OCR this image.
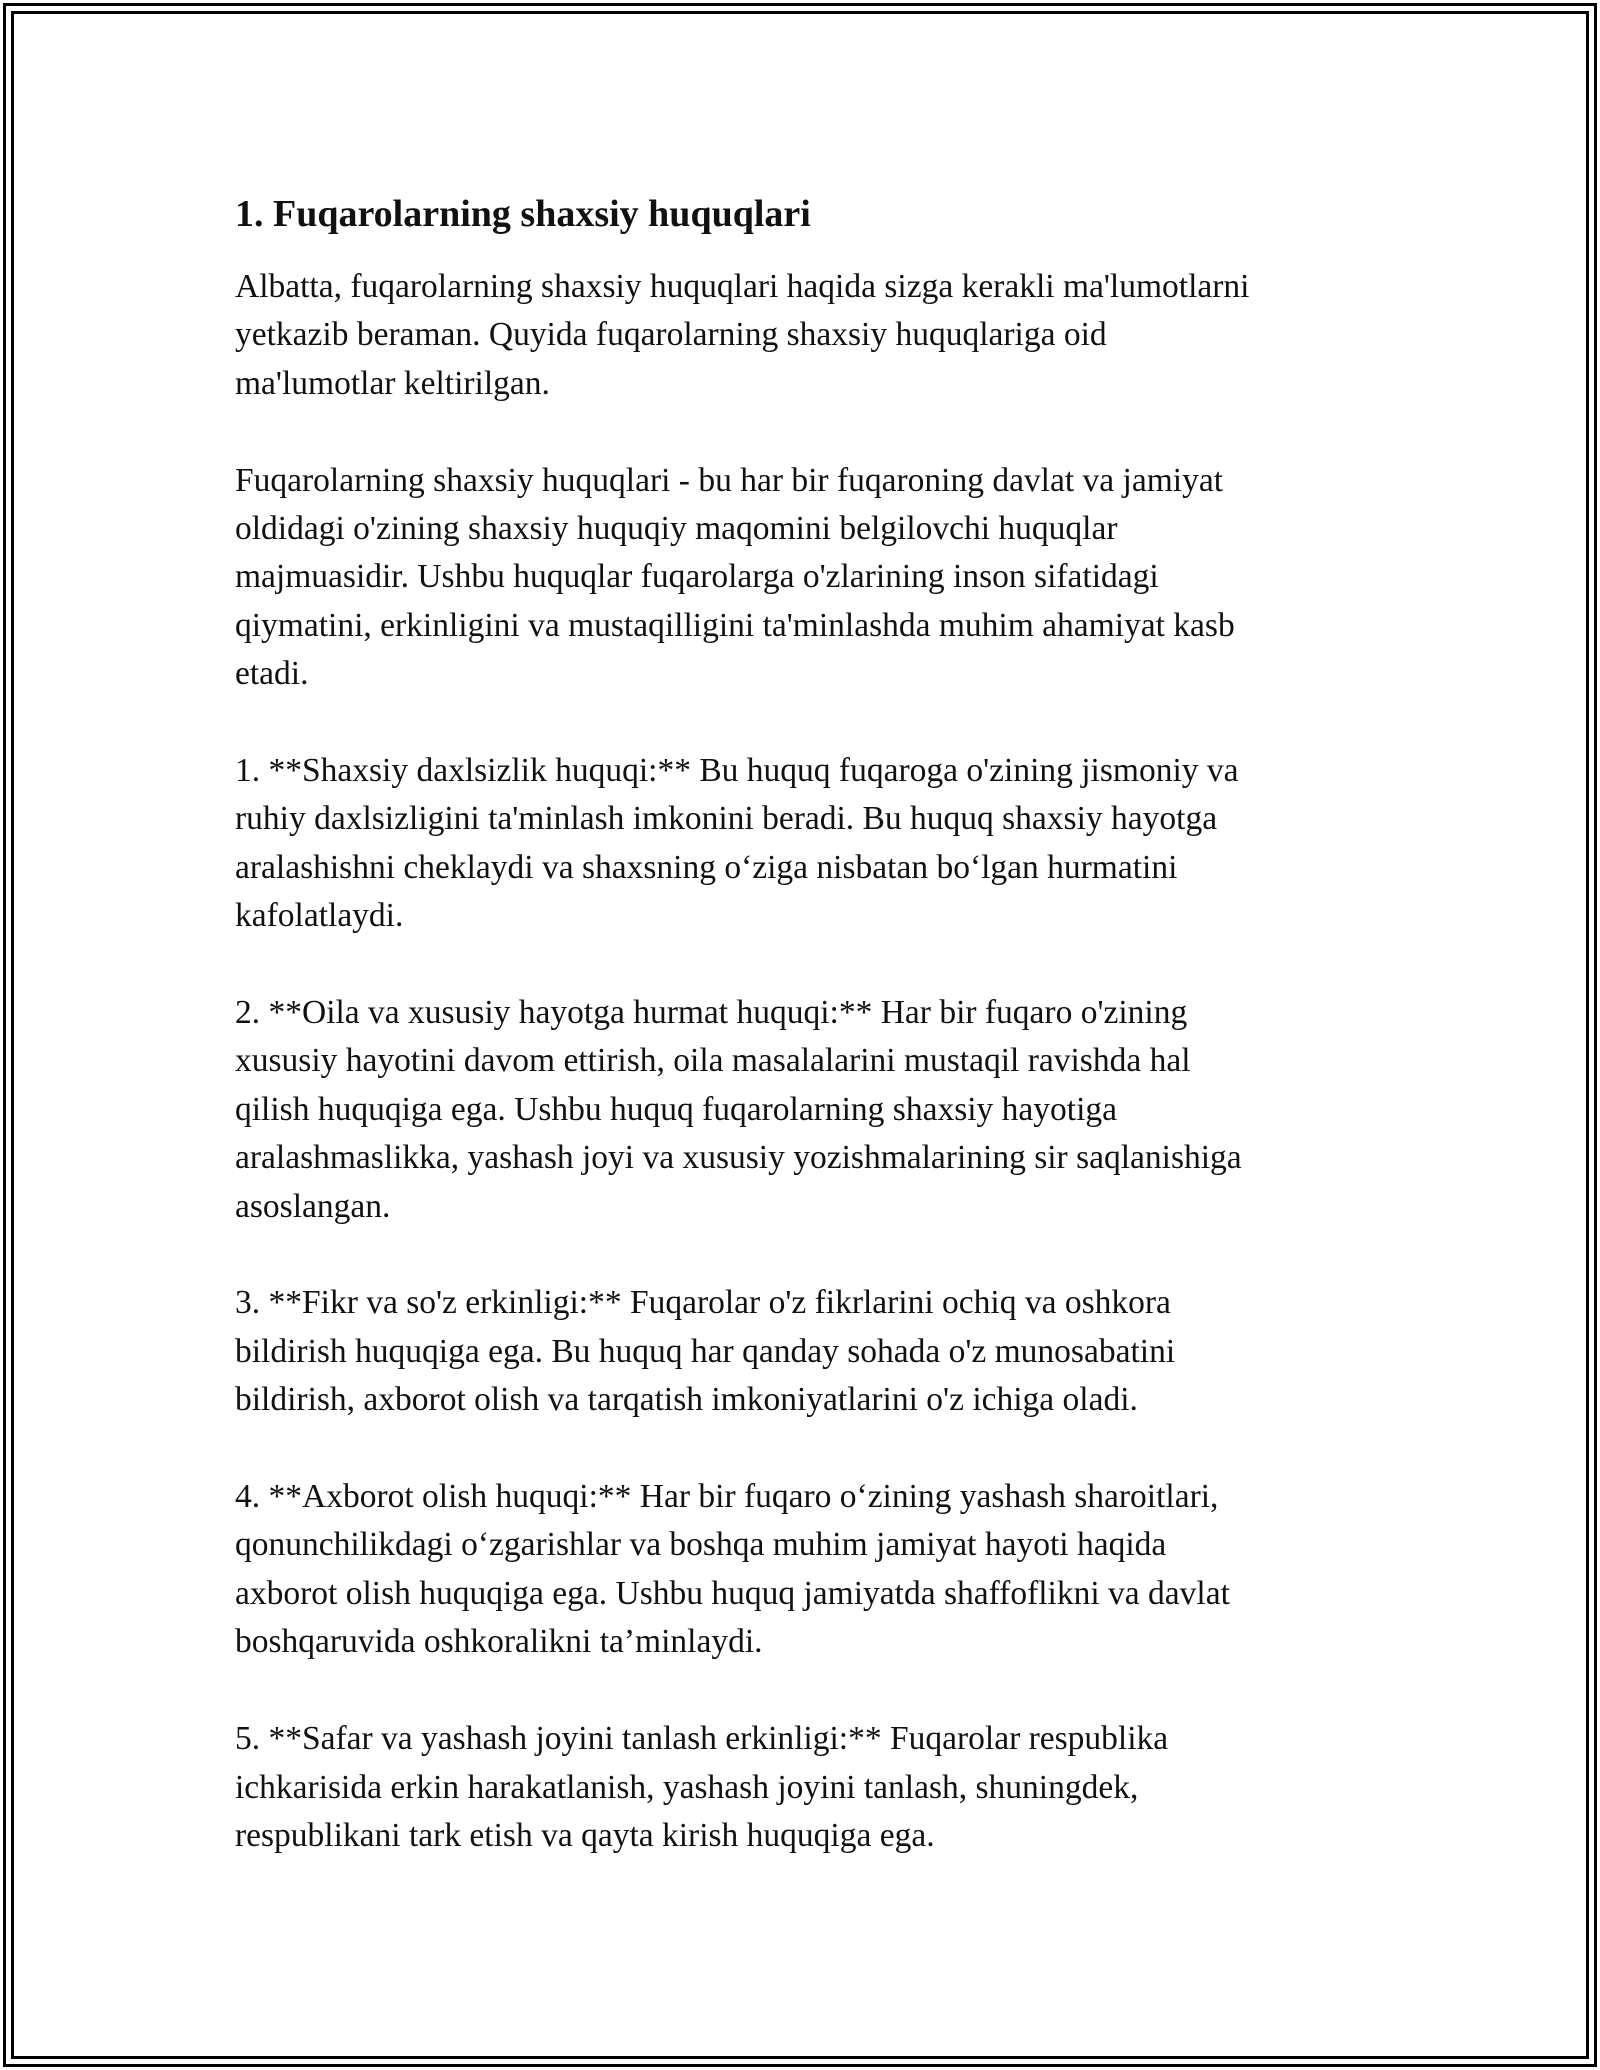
1. Fuqarolarning shaxsiy huquqlari

Albatta, fuqarolarning shaxsiy huquqlari haqida sizga kerakli ma'lumotlarni
yetkazib beraman. Quyida fuqarolarning shaxsiy huquqlariga oid
ma'lumotlar keltirilgan.

Fuqarolarning shaxsiy huquqlari - bu har bir fuqaroning davlat va jamiyat
oldidagi o'zining shaxsiy huquqiy maqomini belgilovchi huquqlar
majmuasidir. Ushbu huquqlar fuqarolarga o'zlarining inson sifatidagi
qiymatini, erkinligini va mustaqilligini ta'minlashda muhim ahamiyat kasb
etadi.

1. **Shaxsiy daxlsizlik huquqi:** Bu huquq fuqaroga o'zining jismoniy va
ruhiy daxlsizligini ta'minlash imkonini beradi. Bu huquq shaxsiy hayotga
aralashishni cheklaydi va shaxsning o‘ziga nisbatan bo‘lgan hurmatini
kafolatlaydi.

2. **Oila va xususiy hayotga hurmat huquqi:** Har bir fuqaro o'zining
xususiy hayotini davom ettirish, oila masalalarini mustaqil ravishda hal
qilish huquqiga ega. Ushbu huquq fuqarolarning shaxsiy hayotiga
aralashmaslikka, yashash joyi va xususiy yozishmalarining sir saqlanishiga
asoslangan.

3. **Fikr va so'z erkinligi:** Fuqarolar o'z fikrlarini ochiq va oshkora
bildirish huquqiga ega. Bu huquq har qanday sohada o'z munosabatini
bildirish, axborot olish va tarqatish imkoniyatlarini o'z ichiga oladi.

4. **Axborot olish huquqi:** Har bir fuqaro o‘zining yashash sharoitlari,
qonunchilikdagi o‘zgarishlar va boshqa muhim jamiyat hayoti haqida
axborot olish huquqiga ega. Ushbu huquq jamiyatda shaffoflikni va davlat
boshqaruvida oshkoralikni ta’minlaydi.

5. **Safar va yashash joyini tanlash erkinligi:** Fuqarolar respublika
ichkarisida erkin harakatlanish, yashash joyini tanlash, shuningdek,
respublikani tark etish va qayta kirish huquqiga ega.
